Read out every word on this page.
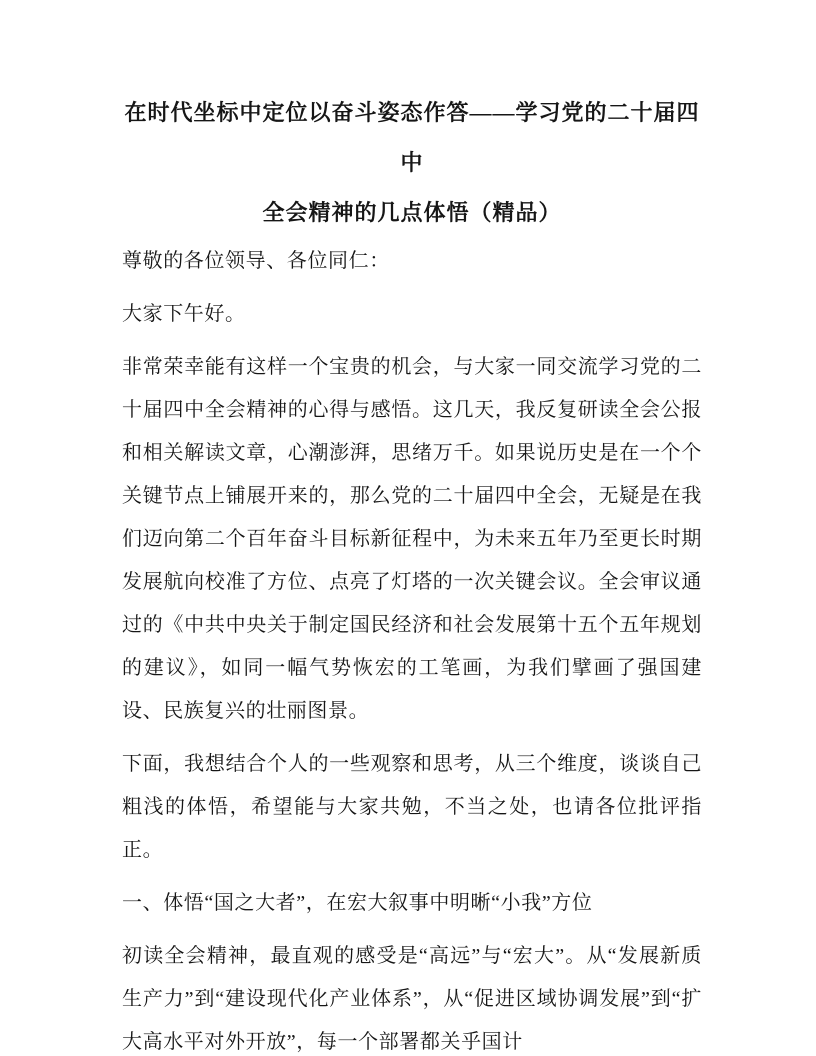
在时代坐标中定位以奋斗姿态作答——学习党的二十届四中
全会精神的几点体悟（精品）

尊敬的各位领导、各位同仁：

大家下午好。

非常荣幸能有这样一个宝贵的机会，与大家一同交流学习党的二十届四中全会精神的心得与感悟。这几天，我反复研读全会公报和相关解读文章，心潮澎湃，思绪万千。如果说历史是在一个个关键节点上铺展开来的，那么党的二十届四中全会，无疑是在我们迈向第二个百年奋斗目标新征程中，为未来五年乃至更长时期发展航向校准了方位、点亮了灯塔的一次关键会议。全会审议通过的《中共中央关于制定国民经济和社会发展第十五个五年规划的建议》，如同一幅气势恢宏的工笔画，为我们擘画了强国建设、民族复兴的壮丽图景。

下面，我想结合个人的一些观察和思考，从三个维度，谈谈自己粗浅的体悟，希望能与大家共勉，不当之处，也请各位批评指正。

一、体悟“国之大者”，在宏大叙事中明晰“小我”方位

初读全会精神，最直观的感受是“高远”与“宏大”。从“发展新质生产力”到“建设现代化产业体系”，从“促进区域协调发展”到“扩大高水平对外开放”，每一个部署都关乎国计
